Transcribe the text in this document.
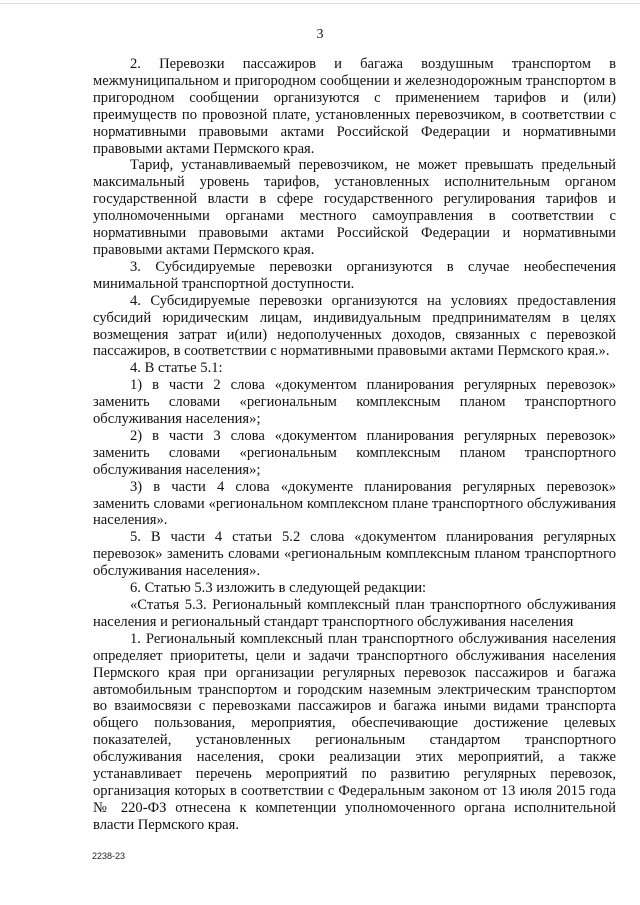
3

2. Перевозки пассажиров и багажа воздушным транспортом в межмуниципальном и пригородном сообщении и железнодорожным транспортом в пригородном сообщении организуются с применением тарифов и (или) преимуществ по провозной плате, установленных перевозчиком, в соответствии с нормативными правовыми актами Российской Федерации и нормативными правовыми актами Пермского края.

Тариф, устанавливаемый перевозчиком, не может превышать предельный максимальный уровень тарифов, установленных исполнительным органом государственной власти в сфере государственного регулирования тарифов и уполномоченными органами местного самоуправления в соответствии с нормативными правовыми актами Российской Федерации и нормативными правовыми актами Пермского края.

3. Субсидируемые перевозки организуются в случае необеспечения минимальной транспортной доступности.

4. Субсидируемые перевозки организуются на условиях предоставления субсидий юридическим лицам, индивидуальным предпринимателям в целях возмещения затрат и(или) недополученных доходов, связанных с перевозкой пассажиров, в соответствии с нормативными правовыми актами Пермского края.».

4. В статье 5.1:

1) в части 2 слова «документом планирования регулярных перевозок» заменить словами «региональным комплексным планом транспортного обслуживания населения»;

2) в части 3 слова «документом планирования регулярных перевозок» заменить словами «региональным комплексным планом транспортного обслуживания населения»;

3) в части 4 слова «документе планирования регулярных перевозок» заменить словами «региональном комплексном плане транспортного обслуживания населения».

5. В части 4 статьи 5.2 слова «документом планирования регулярных перевозок» заменить словами «региональным комплексным планом транспортного обслуживания населения».

6. Статью 5.3 изложить в следующей редакции:

«Статья 5.3. Региональный комплексный план транспортного обслуживания населения и региональный стандарт транспортного обслуживания населения

1. Региональный комплексный план транспортного обслуживания населения определяет приоритеты, цели и задачи транспортного обслуживания населения Пермского края при организации регулярных перевозок пассажиров и багажа автомобильным транспортом и городским наземным электрическим транспортом во взаимосвязи с перевозками пассажиров и багажа иными видами транспорта общего пользования, мероприятия, обеспечивающие достижение целевых показателей, установленных региональным стандартом транспортного обслуживания населения, сроки реализации этих мероприятий, а также устанавливает перечень мероприятий по развитию регулярных перевозок, организация которых в соответствии с Федеральным законом от 13 июля 2015 года № 220-ФЗ отнесена к компетенции уполномоченного органа исполнительной власти Пермского края.

2238-23
